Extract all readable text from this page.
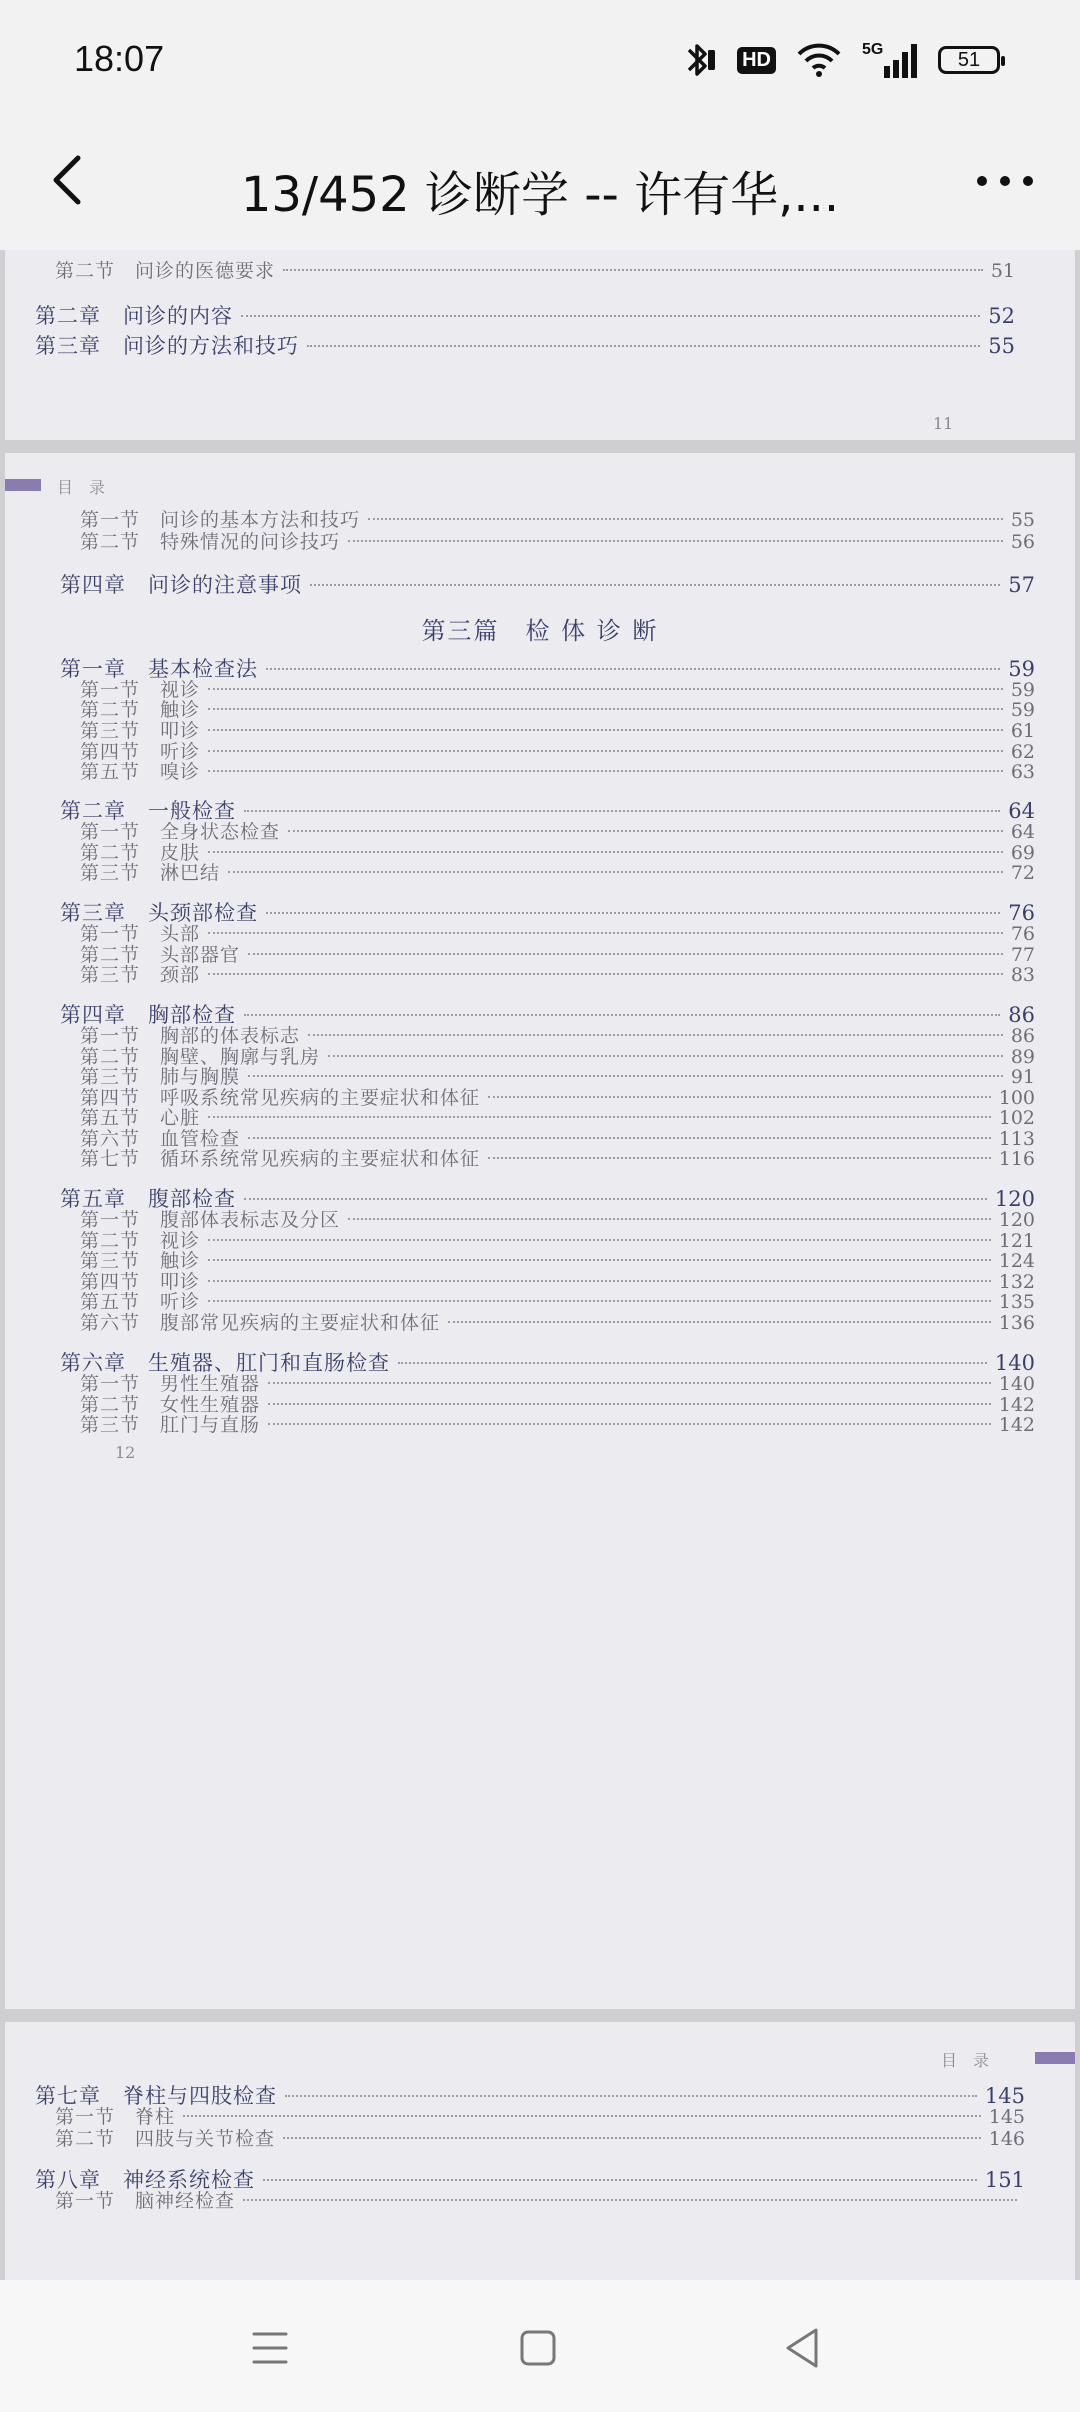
18:07	HD	5G	51
13/452 诊断学 -- 许有华,...
第二节　问诊的医德要求	51
第二章　问诊的内容	52
第三章　问诊的方法和技巧	55
11
目　录
第一节　问诊的基本方法和技巧	55
第二节　特殊情况的问诊技巧	56
第四章　问诊的注意事项	57
第三篇　检 体 诊 断
第一章　基本检查法	59
第一节　视诊	59
第二节　触诊	59
第三节　叩诊	61
第四节　听诊	62
第五节　嗅诊	63
第二章　一般检查	64
第一节　全身状态检查	64
第二节　皮肤	69
第三节　淋巴结	72
第三章　头颈部检查	76
第一节　头部	76
第二节　头部器官	77
第三节　颈部	83
第四章　胸部检查	86
第一节　胸部的体表标志	86
第二节　胸壁、胸廓与乳房	89
第三节　肺与胸膜	91
第四节　呼吸系统常见疾病的主要症状和体征	100
第五节　心脏	102
第六节　血管检查	113
第七节　循环系统常见疾病的主要症状和体征	116
第五章　腹部检查	120
第一节　腹部体表标志及分区	120
第二节　视诊	121
第三节　触诊	124
第四节　叩诊	132
第五节　听诊	135
第六节　腹部常见疾病的主要症状和体征	136
第六章　生殖器、肛门和直肠检查	140
第一节　男性生殖器	140
第二节　女性生殖器	142
第三节　肛门与直肠	142
12
目　录
第七章　脊柱与四肢检查	145
第一节　脊柱	145
第二节　四肢与关节检查	146
第八章　神经系统检查	151
第一节　脑神经检查
